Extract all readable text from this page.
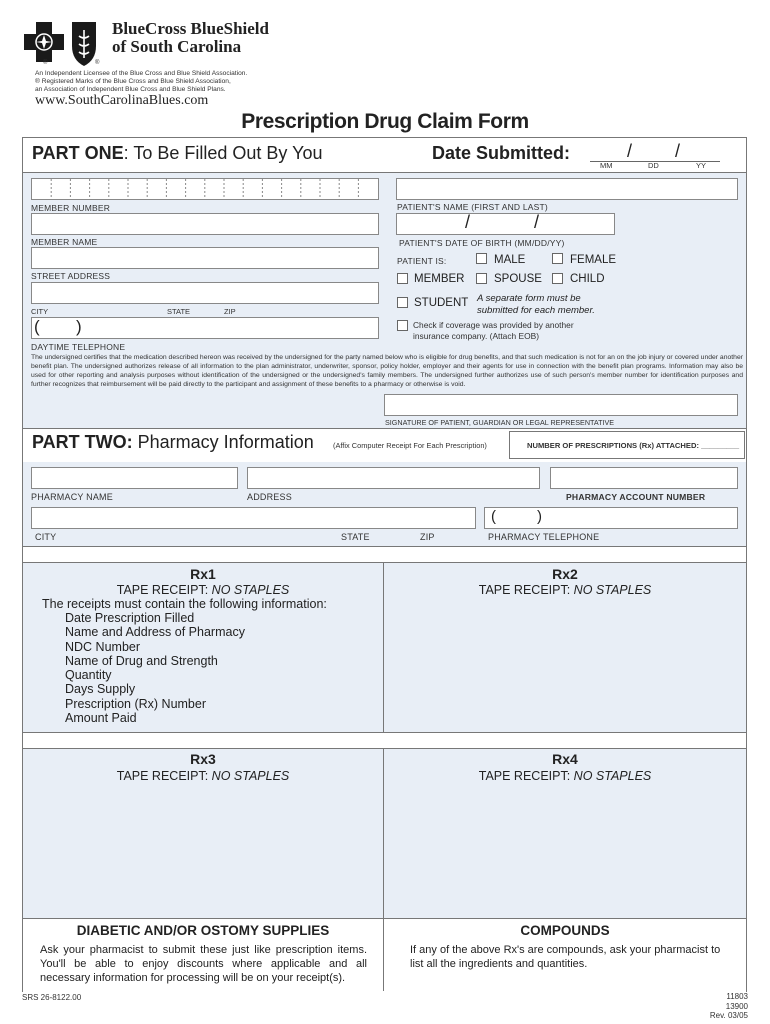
®	®
BlueCross BlueShield
of South Carolina
An Independent Licensee of the Blue Cross and Blue Shield Association.
® Registered Marks of the Blue Cross and Blue Shield Association,
an Association of Independent Blue Cross and Blue Shield Plans.
www.SouthCarolinaBlues.com
Prescription Drug Claim Form
PART ONE: To Be Filled Out By You	Date Submitted:	/ /
MM	DD	YY
MEMBER NUMBER
MEMBER NAME
STREET ADDRESS
CITY	STATE	ZIP
( )
DAYTIME TELEPHONE
PATIENT'S NAME (FIRST AND LAST)
/	/
PATIENT'S DATE OF BIRTH (MM/DD/YY)
PATIENT IS:	MALE	FEMALE
MEMBER	SPOUSE CHILD
STUDENT A separate form must be submitted for each member.
Check if coverage was provided by another insurance company. (Attach EOB)
The undersigned certifies that the medication described hereon was received by the undersigned for the party named below who is eligible for drug benefits, and that such medication is not for an on the job injury or covered under another benefit plan. The undersigned authorizes release of all information to the plan administrator, underwriter, sponsor, policy holder, employer and their agents for use in connection with the benefit plan programs. Information may also be used for other reporting and analysis purposes without identification of the undersigned or the undersigned's family members. The undersigned further authorizes use of such person's member number for identification purposes and further recognizes that reimbursement will be paid directly to the participant and assignment of these benefits to a pharmacy or otherwise is void.
SIGNATURE OF PATIENT, GUARDIAN OR LEGAL REPRESENTATIVE
PART TWO: Pharmacy Information	(Affix Computer Receipt For Each Prescription)	NUMBER OF PRESCRIPTIONS (Rx) ATTACHED: _________
PHARMACY NAME	ADDRESS	PHARMACY ACCOUNT NUMBER
CITY	STATE	ZIP
(	)
PHARMACY TELEPHONE
Rx1
TAPE RECEIPT: NO STAPLES
The receipts must contain the following information:
Date Prescription Filled
Name and Address of Pharmacy
NDC Number
Name of Drug and Strength
Quantity
Days Supply
Prescription (Rx) Number
Amount Paid
Rx2
TAPE RECEIPT: NO STAPLES
Rx3
TAPE RECEIPT: NO STAPLES
Rx4
TAPE RECEIPT: NO STAPLES
DIABETIC AND/OR OSTOMY SUPPLIES
Ask your pharmacist to submit these just like prescription items. You'll be able to enjoy discounts where applicable and all necessary information for processing will be on your receipt(s).
COMPOUNDS
If any of the above Rx's are compounds, ask your pharmacist to list all the ingredients and quantities.
SRS 26-8122.00	11803
13900
Rev. 03/05
